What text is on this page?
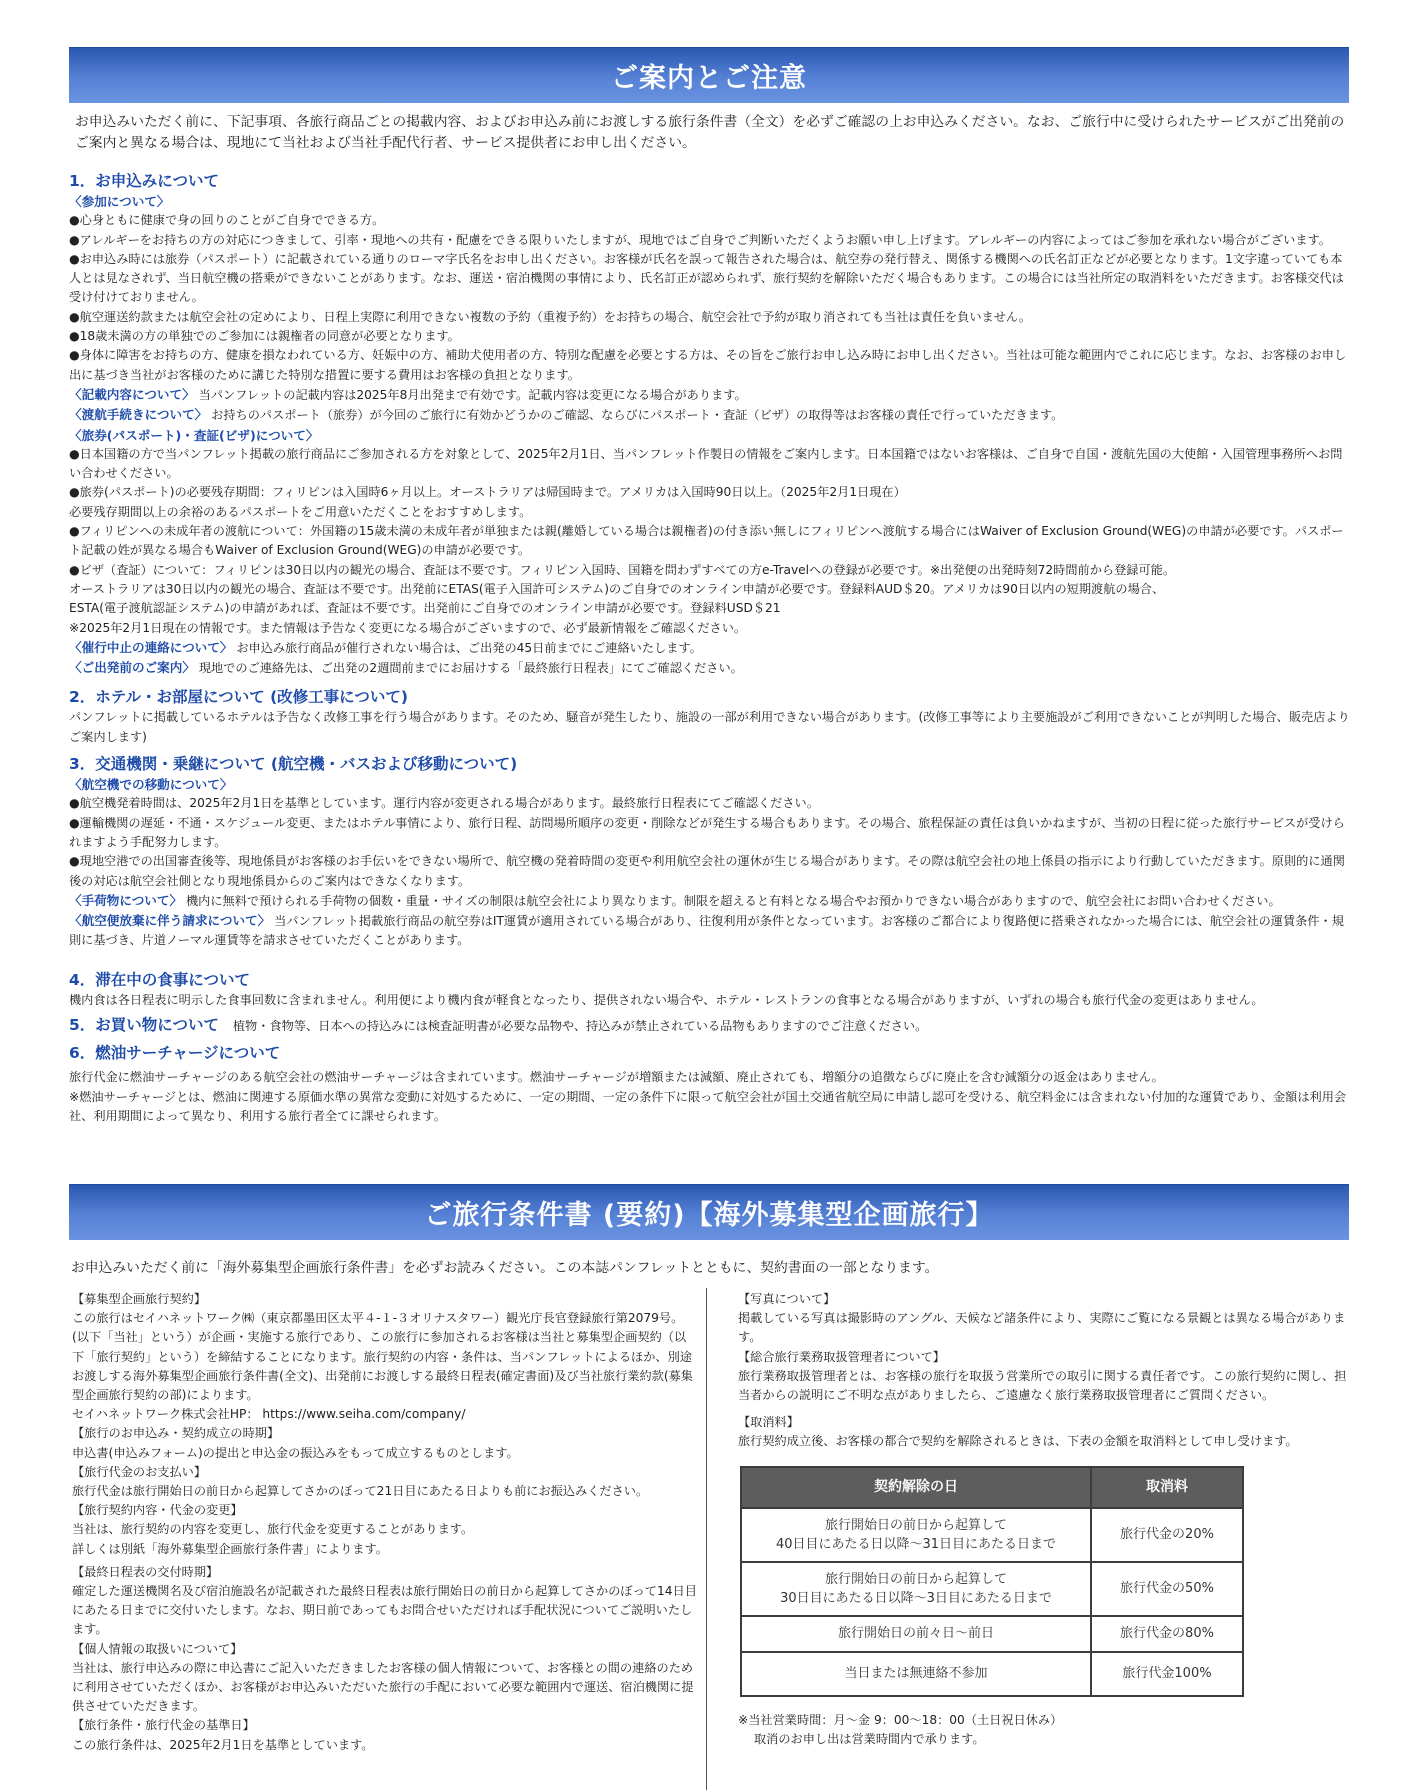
ご案内とご注意
お申込みいただく前に、下記事項、各旅行商品ごとの掲載内容、およびお申込み前にお渡しする旅行条件書（全文）を必ずご確認の上お申込みください。なお、ご旅行中に受けられたサービスがご出発前のご案内と異なる場合は、現地にて当社および当社手配代行者、サービス提供者にお申し出ください。
1．お申込みについて
〈参加について〉

●心身ともに健康で身の回りのことがご自身でできる方。

●アレルギーをお持ちの方の対応につきまして、引率・現地への共有・配慮をできる限りいたしますが、現地ではご自身でご判断いただくようお願い申し上げます。アレルギーの内容によってはご参加を承れない場合がございます。

●お申込み時には旅券（パスポート）に記載されている通りのローマ字氏名をお申し出ください。お客様が氏名を誤って報告された場合は、航空券の発行替え、関係する機関への氏名訂正などが必要となります。1文字違っていても本人とは見なされず、当日航空機の搭乗ができないことがあります。なお、運送・宿泊機関の事情により、氏名訂正が認められず、旅行契約を解除いただく場合もあります。この場合には当社所定の取消料をいただきます。お客様交代は受け付けておりません。

●航空運送約款または航空会社の定めにより、日程上実際に利用できない複数の予約（重複予約）をお持ちの場合、航空会社で予約が取り消されても当社は責任を負いません。

●18歳未満の方の単独でのご参加には親権者の同意が必要となります。

●身体に障害をお持ちの方、健康を損なわれている方、妊娠中の方、補助犬使用者の方、特別な配慮を必要とする方は、その旨をご旅行お申し込み時にお申し出ください。当社は可能な範囲内でこれに応じます。なお、お客様のお申し出に基づき当社がお客様のために講じた特別な措置に要する費用はお客様の負担となります。

〈記載内容について〉 当パンフレットの記載内容は2025年8月出発まで有効です。記載内容は変更になる場合があります。

〈渡航手続きについて〉 お持ちのパスポート（旅券）が今回のご旅行に有効かどうかのご確認、ならびにパスポート・査証（ビザ）の取得等はお客様の責任で行っていただきます。

〈旅券(パスポート)・査証(ビザ)について〉

●日本国籍の方で当パンフレット掲載の旅行商品にご参加される方を対象として、2025年2月1日、当パンフレット作製日の情報をご案内します。日本国籍ではないお客様は、ご自身で自国・渡航先国の大使館・入国管理事務所へお問い合わせください。

●旅券(パスポート)の必要残存期間：フィリピンは入国時6ヶ月以上。オーストラリアは帰国時まで。アメリカは入国時90日以上。（2025年2月1日現在）

必要残存期間以上の余裕のあるパスポートをご用意いただくことをおすすめします。

●フィリピンへの未成年者の渡航について：外国籍の15歳未満の未成年者が単独または親(離婚している場合は親権者)の付き添い無しにフィリピンへ渡航する場合にはWaiver of Exclusion Ground(WEG)の申請が必要です。パスポート記載の姓が異なる場合もWaiver of Exclusion Ground(WEG)の申請が必要です。

●ビザ（査証）について：フィリピンは30日以内の観光の場合、査証は不要です。フィリピン入国時、国籍を問わずすべての方e-Travelへの登録が必要です。※出発便の出発時刻72時間前から登録可能。

オーストラリアは30日以内の観光の場合、査証は不要です。出発前にETAS(電子入国許可システム)のご自身でのオンライン申請が必要です。登録料AUD＄20。アメリカは90日以内の短期渡航の場合、

ESTA(電子渡航認証システム)の申請があれば、査証は不要です。出発前にご自身でのオンライン申請が必要です。登録料USD＄21

※2025年2月1日現在の情報です。また情報は予告なく変更になる場合がございますので、必ず最新情報をご確認ください。

〈催行中止の連絡について〉 お申込み旅行商品が催行されない場合は、ご出発の45日前までにご連絡いたします。

〈ご出発前のご案内〉 現地でのご連絡先は、ご出発の2週間前までにお届けする「最終旅行日程表」にてご確認ください。

2．ホテル・お部屋について (改修工事について)

パンフレットに掲載しているホテルは予告なく改修工事を行う場合があります。そのため、騒音が発生したり、施設の一部が利用できない場合があります。(改修工事等により主要施設がご利用できないことが判明した場合、販売店よりご案内します)

3．交通機関・乗継について (航空機・バスおよび移動について)
〈航空機での移動について〉

●航空機発着時間は、2025年2月1日を基準としています。運行内容が変更される場合があります。最終旅行日程表にてご確認ください。

●運輸機関の遅延・不通・スケジュール変更、またはホテル事情により、旅行日程、訪問場所順序の変更・削除などが発生する場合もあります。その場合、旅程保証の責任は負いかねますが、当初の日程に従った旅行サービスが受けられますよう手配努力します。

●現地空港での出国審査後等、現地係員がお客様のお手伝いをできない場所で、航空機の発着時間の変更や利用航空会社の運休が生じる場合があります。その際は航空会社の地上係員の指示により行動していただきます。原則的に通関後の対応は航空会社側となり現地係員からのご案内はできなくなります。

〈手荷物について〉 機内に無料で預けられる手荷物の個数・重量・サイズの制限は航空会社により異なります。制限を超えると有料となる場合やお預かりできない場合がありますので、航空会社にお問い合わせください。

〈航空便放棄に伴う請求について〉 当パンフレット掲載旅行商品の航空券はIT運賃が適用されている場合があり、往復利用が条件となっています。お客様のご都合により復路便に搭乗されなかった場合には、航空会社の運賃条件・規則に基づき、片道ノーマル運賃等を請求させていただくことがあります。

4．滞在中の食事について

機内食は各日程表に明示した食事回数に含まれません。利用便により機内食が軽食となったり、提供されない場合や、ホテル・レストランの食事となる場合がありますが、いずれの場合も旅行代金の変更はありません。

5．お買い物について 植物・食物等、日本への持込みには検査証明書が必要な品物や、持込みが禁止されている品物もありますのでご注意ください。

6．燃油サーチャージについて

旅行代金に燃油サーチャージのある航空会社の燃油サーチャージは含まれています。燃油サーチャージが増額または減額、廃止されても、増額分の追徴ならびに廃止を含む減額分の返金はありません。

※燃油サーチャージとは、燃油に関連する原価水準の異常な変動に対処するために、一定の期間、一定の条件下に限って航空会社が国土交通省航空局に申請し認可を受ける、航空料金には含まれない付加的な運賃であり、金額は利用会社、利用期間によって異なり、利用する旅行者全てに課せられます。

ご旅行条件書 (要約)【海外募集型企画旅行】
お申込みいただく前に「海外募集型企画旅行条件書」を必ずお読みください。この本誌パンフレットとともに、契約書面の一部となります。
【募集型企画旅行契約】
この旅行はセイハネットワーク㈱（東京都墨田区太平４-１-３オリナスタワー）観光庁長官登録旅行第2079号。(以下「当社」という）が企画・実施する旅行であり、この旅行に参加されるお客様は当社と募集型企画契約（以下「旅行契約」という）を締結することになります。旅行契約の内容・条件は、当パンフレットによるほか、別途お渡しする海外募集型企画旅行条件書(全文)、出発前にお渡しする最終日程表(確定書面)及び当社旅行業約款(募集型企画旅行契約の部)によります。
セイハネットワーク株式会社HP： https://www.seiha.com/company/
【旅行のお申込み・契約成立の時期】
申込書(申込みフォーム)の提出と申込金の振込みをもって成立するものとします。
【旅行代金のお支払い】
旅行代金は旅行開始日の前日から起算してさかのぼって21日目にあたる日よりも前にお振込みください。
【旅行契約内容・代金の変更】
当社は、旅行契約の内容を変更し、旅行代金を変更することがあります。
詳しくは別紙「海外募集型企画旅行条件書」によります。
【最終日程表の交付時期】
確定した運送機関名及び宿泊施設名が記載された最終日程表は旅行開始日の前日から起算してさかのぼって14日目にあたる日までに交付いたします。なお、期日前であってもお問合せいただければ手配状況についてご説明いたします。
【個人情報の取扱いについて】
当社は、旅行申込みの際に申込書にご記入いただきましたお客様の個人情報について、お客様との間の連絡のために利用させていただくほか、お客様がお申込みいただいた旅行の手配において必要な範囲内で運送、宿泊機関に提供させていただきます。
【旅行条件・旅行代金の基準日】
この旅行条件は、2025年2月1日を基準としています。
【写真について】
掲載している写真は撮影時のアングル、天候など諸条件により、実際にご覧になる景観とは異なる場合があります。
【総合旅行業務取扱管理者について】
旅行業務取扱管理者とは、お客様の旅行を取扱う営業所での取引に関する責任者です。この旅行契約に関し、担当者からの説明にご不明な点がありましたら、ご遠慮なく旅行業務取扱管理者にご質問ください。
【取消料】
旅行契約成立後、お客様の都合で契約を解除されるときは、下表の金額を取消料として申し受けます。
契約解除の日	取消料

旅行開始日の前日から起算して
40日目にあたる日以降〜31日目にあたる日まで	旅行代金の20%

旅行開始日の前日から起算して
30日目にあたる日以降〜3日目にあたる日まで	旅行代金の50%
旅行開始日の前々日〜前日	旅行代金の80%
当日または無連絡不参加	旅行代金100%
※当社営業時間：月〜金 9：00〜18：00（土日祝日休み）
取消のお申し出は営業時間内で承ります。
